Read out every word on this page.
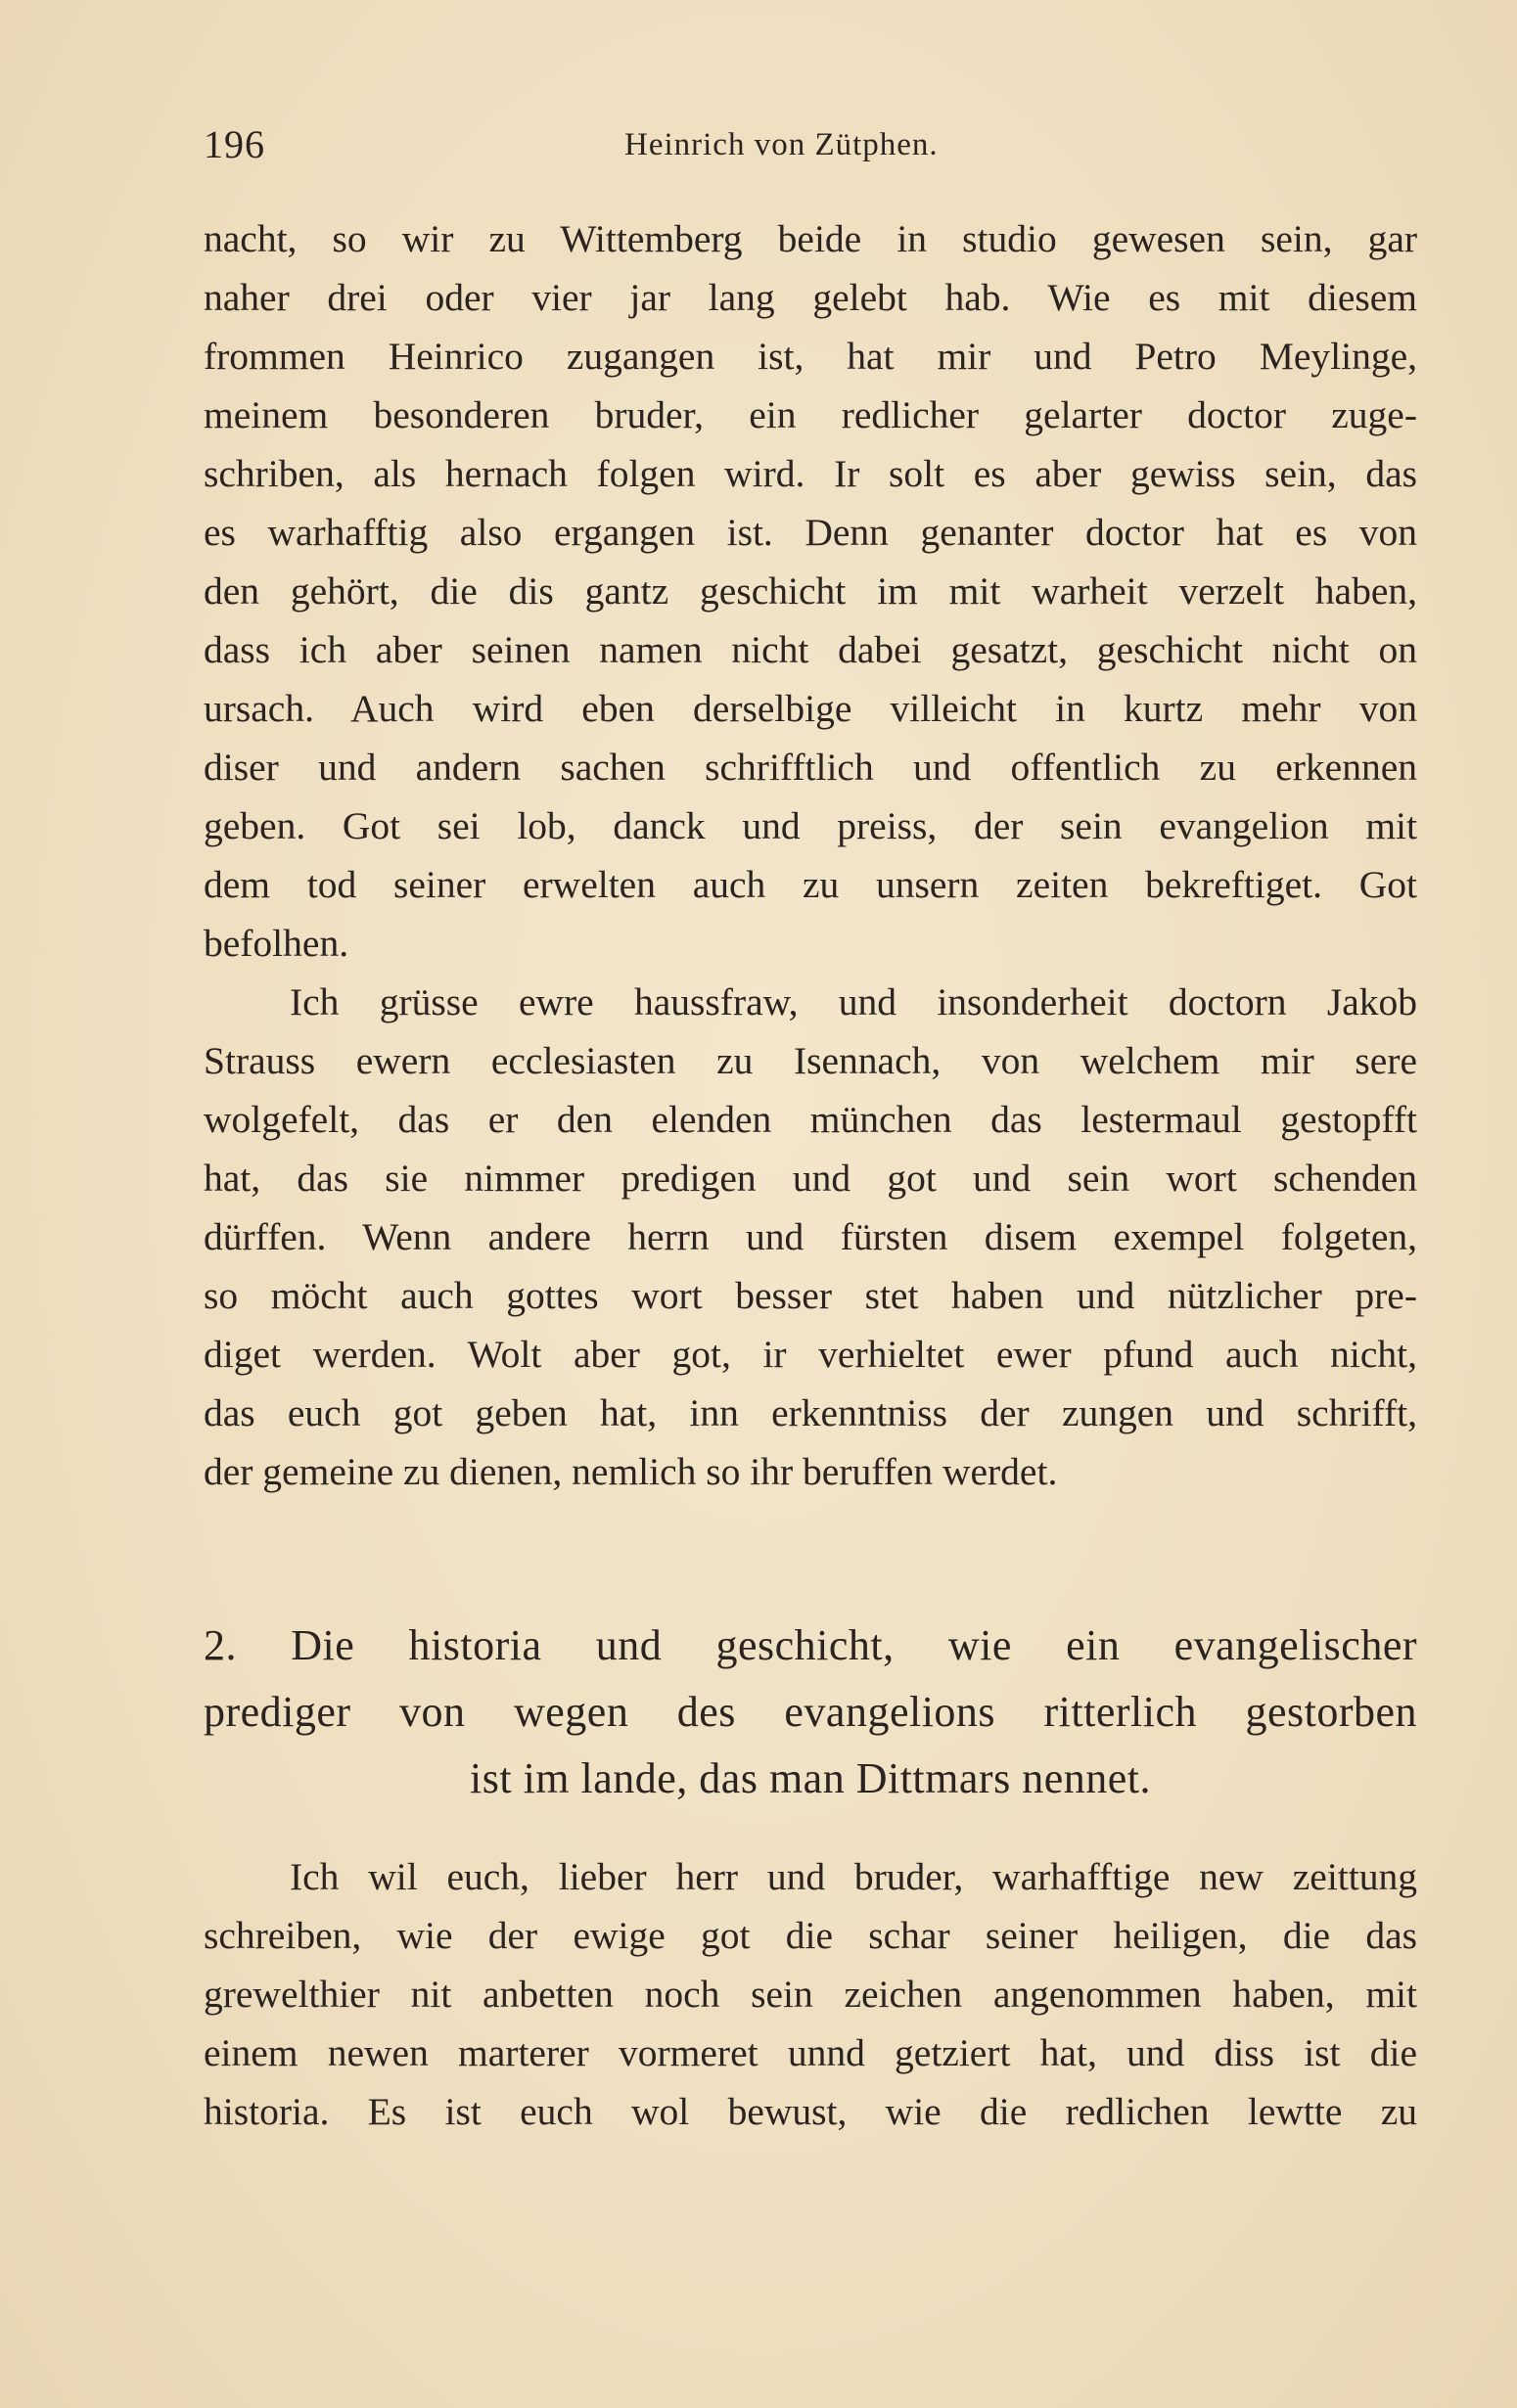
196	Heinrich von Zütphen.
nacht, so wir zu Wittemberg beide in studio gewesen sein, gar
naher drei oder vier jar lang gelebt hab. Wie es mit diesem
frommen Heinrico zugangen ist, hat mir und Petro Meylinge,
meinem besonderen bruder, ein redlicher gelarter doctor zuge-
schriben, als hernach folgen wird. Ir solt es aber gewiss sein, das
es warhafftig also ergangen ist. Denn genanter doctor hat es von
den gehört, die dis gantz geschicht im mit warheit verzelt haben,
dass ich aber seinen namen nicht dabei gesatzt, geschicht nicht on
ursach. Auch wird eben derselbige villeicht in kurtz mehr von
diser und andern sachen schrifftlich und offentlich zu erkennen
geben. Got sei lob, danck und preiss, der sein evangelion mit
dem tod seiner erwelten auch zu unsern zeiten bekreftiget. Got
befolhen.
Ich grüsse ewre haussfraw, und insonderheit doctorn Jakob
Strauss ewern ecclesiasten zu Isennach, von welchem mir sere
wolgefelt, das er den elenden münchen das lestermaul gestopfft
hat, das sie nimmer predigen und got und sein wort schenden
dürffen. Wenn andere herrn und fürsten disem exempel folgeten,
so möcht auch gottes wort besser stet haben und nützlicher pre-
diget werden. Wolt aber got, ir verhieltet ewer pfund auch nicht,
das euch got geben hat, inn erkenntniss der zungen und schrifft,
der gemeine zu dienen, nemlich so ihr beruffen werdet.
2. Die historia und geschicht, wie ein evangelischer
prediger von wegen des evangelions ritterlich gestorben
ist im lande, das man Dittmars nennet.
Ich wil euch, lieber herr und bruder, warhafftige new zeittung
schreiben, wie der ewige got die schar seiner heiligen, die das
grewelthier nit anbetten noch sein zeichen angenommen haben, mit
einem newen marterer vormeret unnd getziert hat, und diss ist die
historia. Es ist euch wol bewust, wie die redlichen lewtte zu
